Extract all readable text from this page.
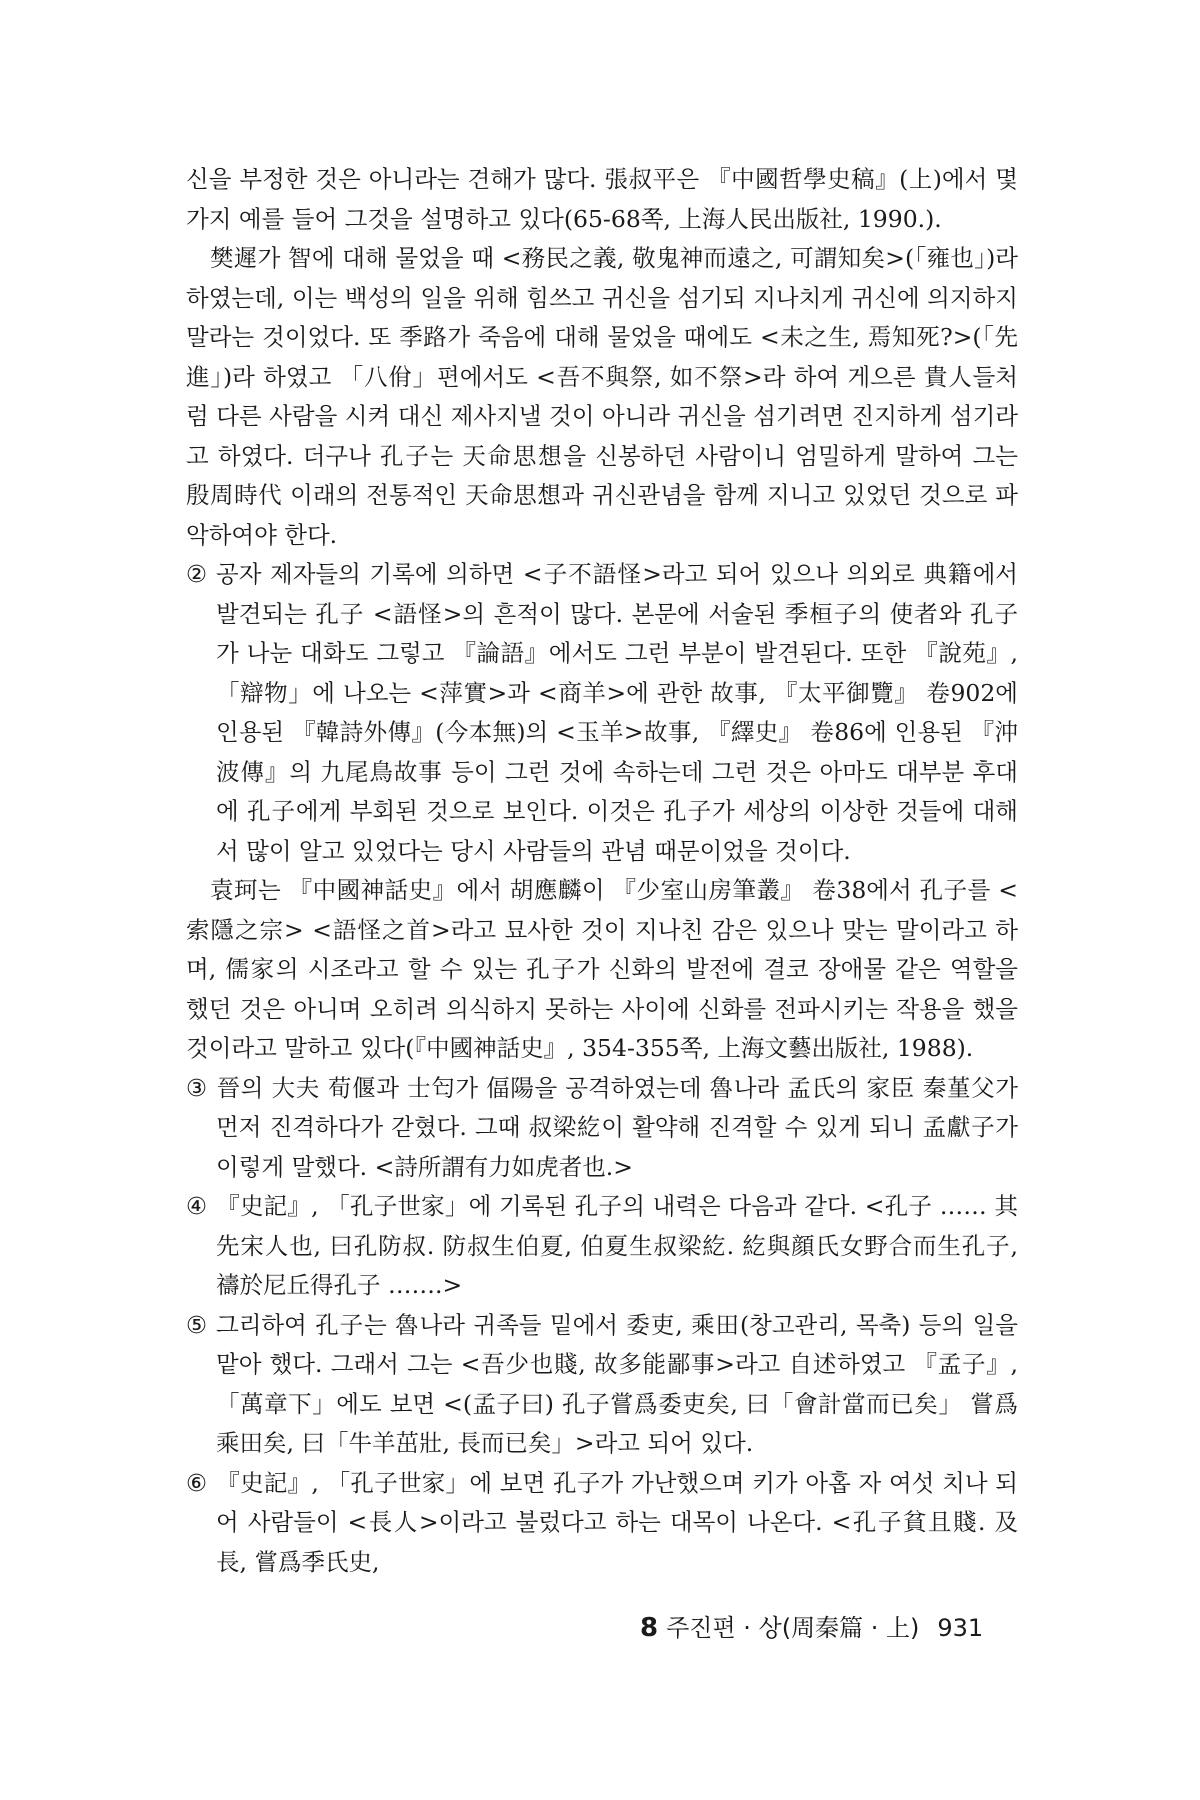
신을 부정한 것은 아니라는 견해가 많다. 張叔平은 『中國哲學史稿』(上)에서 몇 가지 예를 들어 그것을 설명하고 있다(65-68쪽, 上海人民出版社, 1990.).

樊遲가 智에 대해 물었을 때 <務民之義, 敬鬼神而遠之, 可謂知矣>(「雍也」)라 하였는데, 이는 백성의 일을 위해 힘쓰고 귀신을 섬기되 지나치게 귀신에 의지하지 말라는 것이었다. 또 季路가 죽음에 대해 물었을 때에도 <未之生, 焉知死?>(「先進」)라 하였고 「八佾」편에서도 <吾不與祭, 如不祭>라 하여 게으른 貴人들처럼 다른 사람을 시켜 대신 제사지낼 것이 아니라 귀신을 섬기려면 진지하게 섬기라고 하였다. 더구나 孔子는 天命思想을 신봉하던 사람이니 엄밀하게 말하여 그는 殷周時代 이래의 전통적인 天命思想과 귀신관념을 함께 지니고 있었던 것으로 파악하여야 한다.

② 공자 제자들의 기록에 의하면 <子不語怪>라고 되어 있으나 의외로 典籍에서 발견되는 孔子 <語怪>의 흔적이 많다. 본문에 서술된 季桓子의 使者와 孔子가 나눈 대화도 그렇고 『論語』에서도 그런 부분이 발견된다. 또한 『說苑』, 「辯物」에 나오는 <萍實>과 <商羊>에 관한 故事, 『太平御覽』 卷902에 인용된 『韓詩外傳』(今本無)의 <玉羊>故事, 『繹史』 卷86에 인용된 『沖波傳』의 九尾鳥故事 등이 그런 것에 속하는데 그런 것은 아마도 대부분 후대에 孔子에게 부회된 것으로 보인다. 이것은 孔子가 세상의 이상한 것들에 대해서 많이 알고 있었다는 당시 사람들의 관념 때문이었을 것이다.

袁珂는 『中國神話史』에서 胡應麟이 『少室山房筆叢』 卷38에서 孔子를 <索隱之宗> <語怪之首>라고 묘사한 것이 지나친 감은 있으나 맞는 말이라고 하며, 儒家의 시조라고 할 수 있는 孔子가 신화의 발전에 결코 장애물 같은 역할을 했던 것은 아니며 오히려 의식하지 못하는 사이에 신화를 전파시키는 작용을 했을 것이라고 말하고 있다(『中國神話史』, 354-355쪽, 上海文藝出版社, 1988).

③ 晉의 大夫 荀偃과 士匄가 偪陽을 공격하였는데 魯나라 孟氏의 家臣 秦堇父가 먼저 진격하다가 갇혔다. 그때 叔梁紇이 활약해 진격할 수 있게 되니 孟獻子가 이렇게 말했다. <詩所謂有力如虎者也.>

④ 『史記』, 「孔子世家」에 기록된 孔子의 내력은 다음과 같다. <孔子 …… 其先宋人也, 曰孔防叔. 防叔生伯夏, 伯夏生叔梁紇. 紇與顔氏女野合而生孔子, 禱於尼丘得孔子 …….>

⑤ 그리하여 孔子는 魯나라 귀족들 밑에서 委吏, 乘田(창고관리, 목축) 등의 일을 맡아 했다. 그래서 그는 <吾少也賤, 故多能鄙事>라고 自述하였고 『孟子』, 「萬章下」에도 보면 <(孟子曰) 孔子嘗爲委吏矣, 曰「會計當而已矣」 嘗爲乘田矣, 曰「牛羊茁壯, 長而已矣」>라고 되어 있다.

⑥ 『史記』, 「孔子世家」에 보면 孔子가 가난했으며 키가 아홉 자 여섯 치나 되어 사람들이 <長人>이라고 불렀다고 하는 대목이 나온다. <孔子貧且賤. 及長, 嘗爲季氏史,

8 주진편 · 상(周秦篇 · 上) 931
